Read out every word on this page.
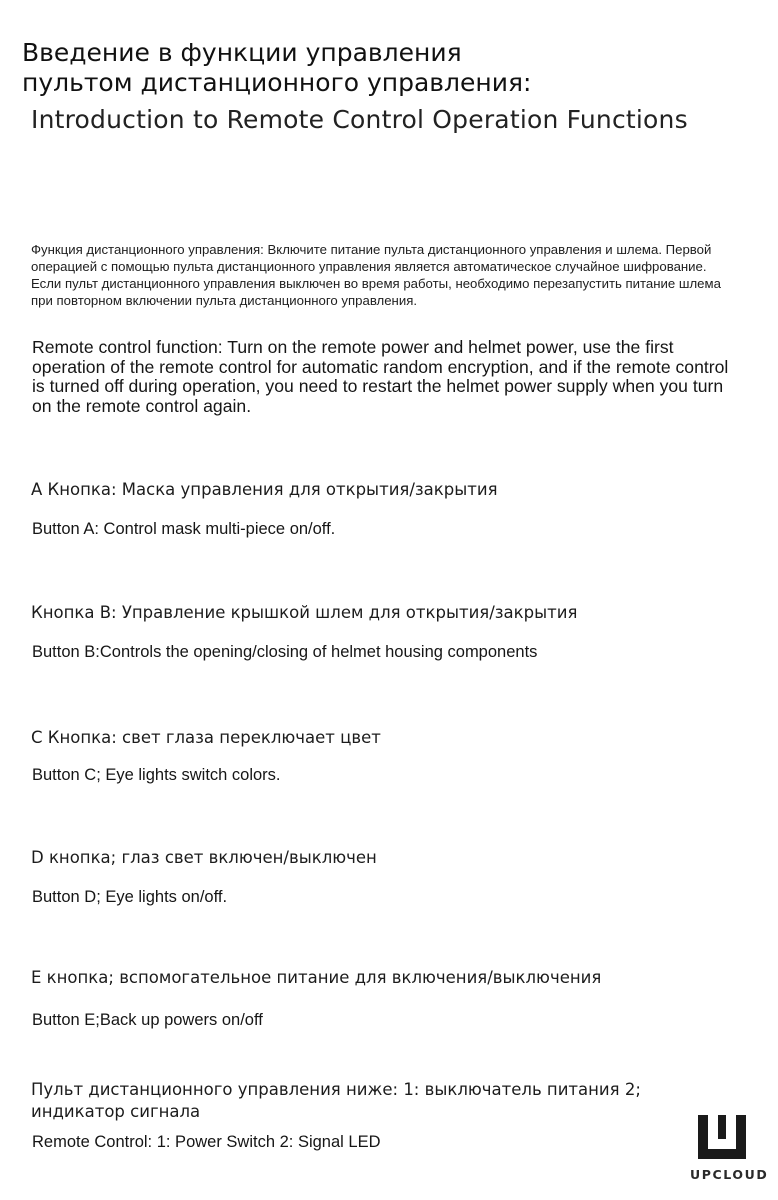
Введение в функции управления
пультом дистанционного управления:
Introduction to Remote Control Operation Functions

Функция дистанционного управления: Включите питание пульта дистанционного управления и шлема. Первой операцией с помощью пульта дистанционного управления является автоматическое случайное шифрование. Если пульт дистанционного управления выключен во время работы, необходимо перезапустить питание шлема при повторном включении пульта дистанционного управления.

Remote control function: Turn on the remote power and helmet power, use the first operation of the remote control for automatic random encryption, and if the remote control is turned off during operation, you need to restart the helmet power supply when you turn on the remote control again.

A Кнопка: Маска управления для открытия/закрытия
Button A: Control mask multi-piece on/off.
Кнопка B: Управление крышкой шлем для открытия/закрытия
Button B:Controls the opening/closing of helmet housing components
C Кнопка: свет глаза переключает цвет
Button C; Eye lights switch colors.
D кнопка; глаз свет включен/выключен
Button D; Eye lights on/off.
E кнопка; вспомогательное питание для включения/выключения
Button E;Back up powers on/off
Пульт дистанционного управления ниже: 1: выключатель питания 2; индикатор сигнала
Remote Control: 1: Power Switch 2: Signal LED
UPCLOUD
